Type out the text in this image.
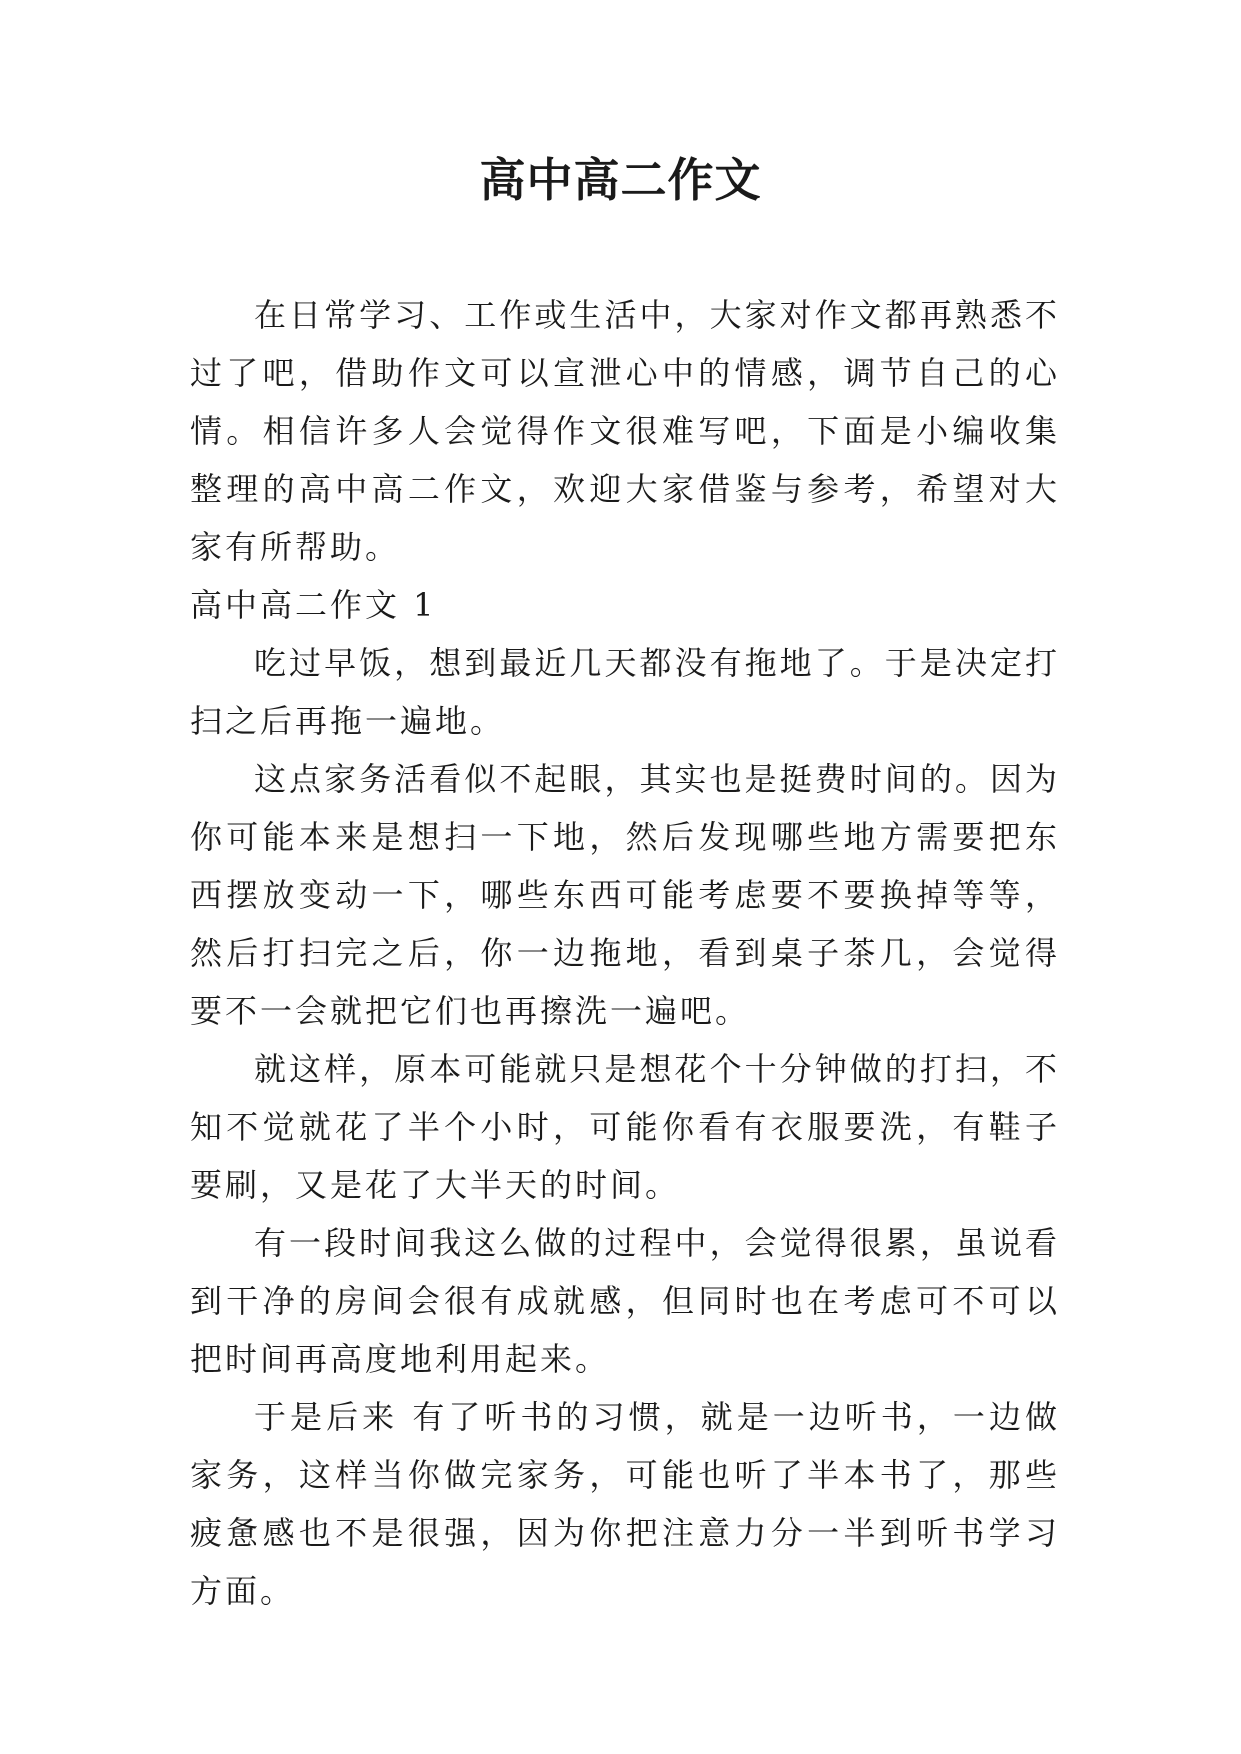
高中高二作文

在日常学习、工作或生活中，大家对作文都再熟悉不过了吧，借助作文可以宣泄心中的情感，调节自己的心情。相信许多人会觉得作文很难写吧，下面是小编收集整理的高中高二作文，欢迎大家借鉴与参考，希望对大家有所帮助。

高中高二作文 1

吃过早饭，想到最近几天都没有拖地了。于是决定打扫之后再拖一遍地。

这点家务活看似不起眼，其实也是挺费时间的。因为你可能本来是想扫一下地，然后发现哪些地方需要把东西摆放变动一下，哪些东西可能考虑要不要换掉等等，然后打扫完之后，你一边拖地，看到桌子茶几，会觉得要不一会就把它们也再擦洗一遍吧。

就这样，原本可能就只是想花个十分钟做的打扫，不知不觉就花了半个小时，可能你看有衣服要洗，有鞋子要刷，又是花了大半天的时间。

有一段时间我这么做的过程中，会觉得很累，虽说看到干净的房间会很有成就感，但同时也在考虑可不可以把时间再高度地利用起来。

于是后来 有了听书的习惯，就是一边听书，一边做家务，这样当你做完家务，可能也听了半本书了，那些疲惫感也不是很强，因为你把注意力分一半到听书学习方面。
